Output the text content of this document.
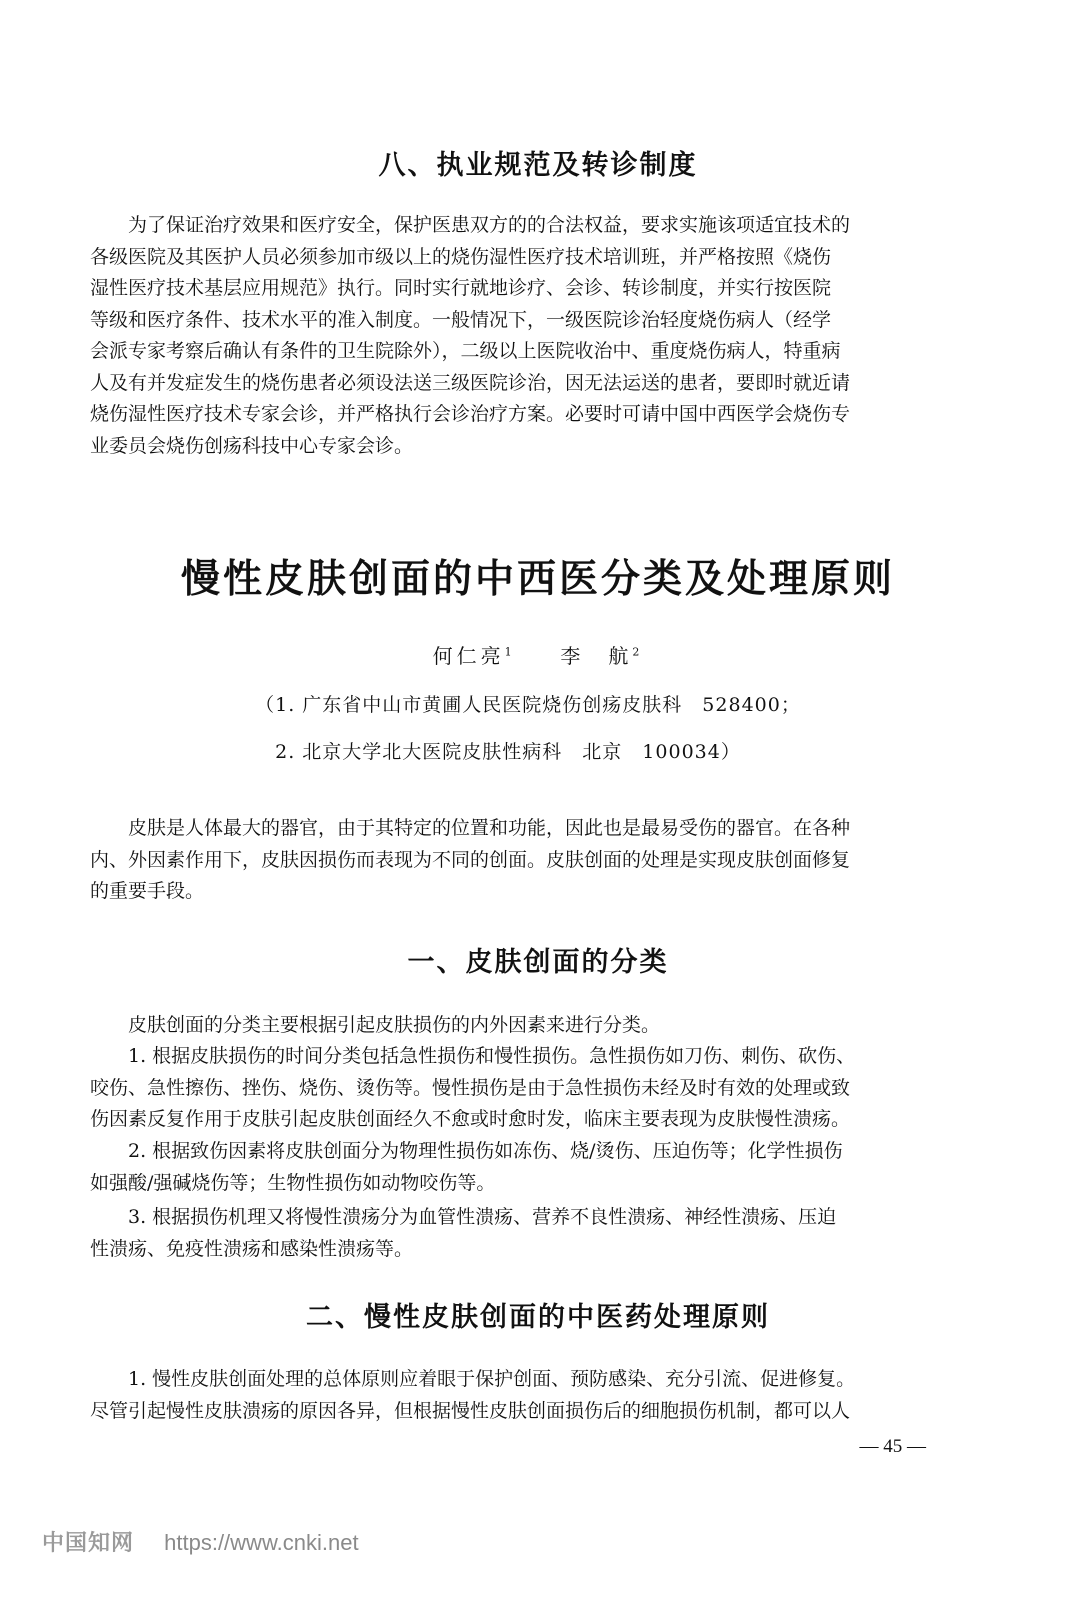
八、执业规范及转诊制度
为了保证治疗效果和医疗安全，保护医患双方的的合法权益，要求实施该项适宜技术的
各级医院及其医护人员必须参加市级以上的烧伤湿性医疗技术培训班，并严格按照《烧伤
湿性医疗技术基层应用规范》执行。同时实行就地诊疗、会诊、转诊制度，并实行按医院
等级和医疗条件、技术水平的准入制度。一般情况下，一级医院诊治轻度烧伤病人（经学
会派专家考察后确认有条件的卫生院除外），二级以上医院收治中、重度烧伤病人，特重病
人及有并发症发生的烧伤患者必须设法送三级医院诊治，因无法运送的患者，要即时就近请
烧伤湿性医疗技术专家会诊，并严格执行会诊治疗方案。必要时可请中国中西医学会烧伤专
业委员会烧伤创疡科技中心专家会诊。
慢性皮肤创面的中西医分类及处理原则
何仁亮$^1$ 李　航$^2$
（1. 广东省中山市黄圃人民医院烧伤创疡皮肤科　528400；
2. 北京大学北大医院皮肤性病科　北京　100034）
皮肤是人体最大的器官，由于其特定的位置和功能，因此也是最易受伤的器官。在各种
内、外因素作用下，皮肤因损伤而表现为不同的创面。皮肤创面的处理是实现皮肤创面修复
的重要手段。
一、皮肤创面的分类
皮肤创面的分类主要根据引起皮肤损伤的内外因素来进行分类。
1. 根据皮肤损伤的时间分类包括急性损伤和慢性损伤。急性损伤如刀伤、刺伤、砍伤、
咬伤、急性擦伤、挫伤、烧伤、烫伤等。慢性损伤是由于急性损伤未经及时有效的处理或致
伤因素反复作用于皮肤引起皮肤创面经久不愈或时愈时发，临床主要表现为皮肤慢性溃疡。
2. 根据致伤因素将皮肤创面分为物理性损伤如冻伤、烧/烫伤、压迫伤等；化学性损伤
如强酸/强碱烧伤等；生物性损伤如动物咬伤等。
3. 根据损伤机理又将慢性溃疡分为血管性溃疡、营养不良性溃疡、神经性溃疡、压迫
性溃疡、免疫性溃疡和感染性溃疡等。
二、慢性皮肤创面的中医药处理原则
1. 慢性皮肤创面处理的总体原则应着眼于保护创面、预防感染、充分引流、促进修复。
尽管引起慢性皮肤溃疡的原因各异，但根据慢性皮肤创面损伤后的细胞损伤机制，都可以人
— 45 —
中国知网 https://www.cnki.net
